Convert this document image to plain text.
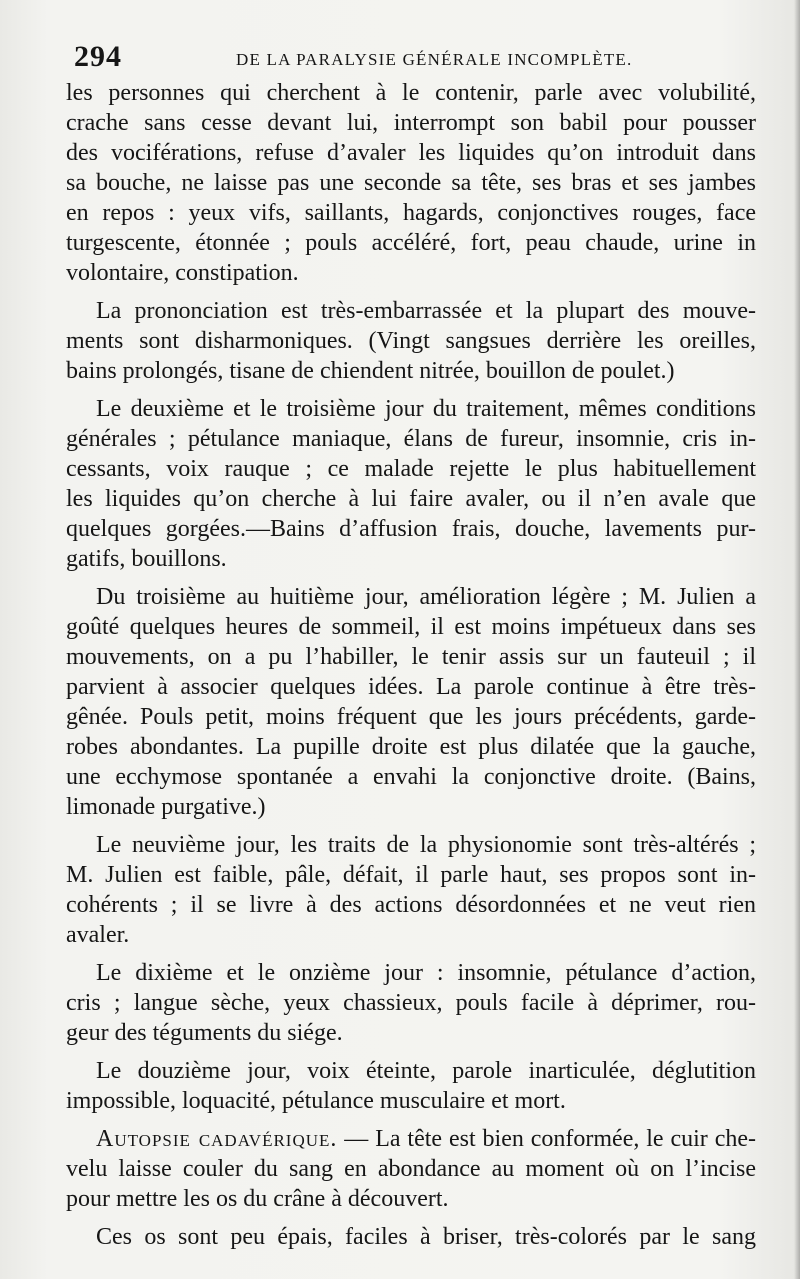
294	DE LA PARALYSIE GÉNÉRALE INCOMPLÈTE.
les personnes qui cherchent à le contenir, parle avec volubilité,
crache sans cesse devant lui, interrompt son babil pour pousser
des vociférations, refuse d’avaler les liquides qu’on introduit dans
sa bouche, ne laisse pas une seconde sa tête, ses bras et ses jambes
en repos : yeux vifs, saillants, hagards, conjonctives rouges, face
turgescente, étonnée ; pouls accéléré, fort, peau chaude, urine in
volontaire, constipation.
La prononciation est très-embarrassée et la plupart des mouve-
ments sont disharmoniques. (Vingt sangsues derrière les oreilles,
bains prolongés, tisane de chiendent nitrée, bouillon de poulet.)
Le deuxième et le troisième jour du traitement, mêmes conditions
générales ; pétulance maniaque, élans de fureur, insomnie, cris in-
cessants, voix rauque ; ce malade rejette le plus habituellement
les liquides qu’on cherche à lui faire avaler, ou il n’en avale que
quelques gorgées.—Bains d’affusion frais, douche, lavements pur-
gatifs, bouillons.
Du troisième au huitième jour, amélioration légère ; M. Julien a
goûté quelques heures de sommeil, il est moins impétueux dans ses
mouvements, on a pu l’habiller, le tenir assis sur un fauteuil ; il
parvient à associer quelques idées. La parole continue à être très-
gênée. Pouls petit, moins fréquent que les jours précédents, garde-
robes abondantes. La pupille droite est plus dilatée que la gauche,
une ecchymose spontanée a envahi la conjonctive droite. (Bains,
limonade purgative.)
Le neuvième jour, les traits de la physionomie sont très-altérés ;
M. Julien est faible, pâle, défait, il parle haut, ses propos sont in-
cohérents ; il se livre à des actions désordonnées et ne veut rien
avaler.
Le dixième et le onzième jour : insomnie, pétulance d’action,
cris ; langue sèche, yeux chassieux, pouls facile à déprimer, rou-
geur des téguments du siége.
Le douzième jour, voix éteinte, parole inarticulée, déglutition
impossible, loquacité, pétulance musculaire et mort.
Autopsie cadavérique. — La tête est bien conformée, le cuir che-
velu laisse couler du sang en abondance au moment où on l’incise
pour mettre les os du crâne à découvert.
Ces os sont peu épais, faciles à briser, très-colorés par le sang
